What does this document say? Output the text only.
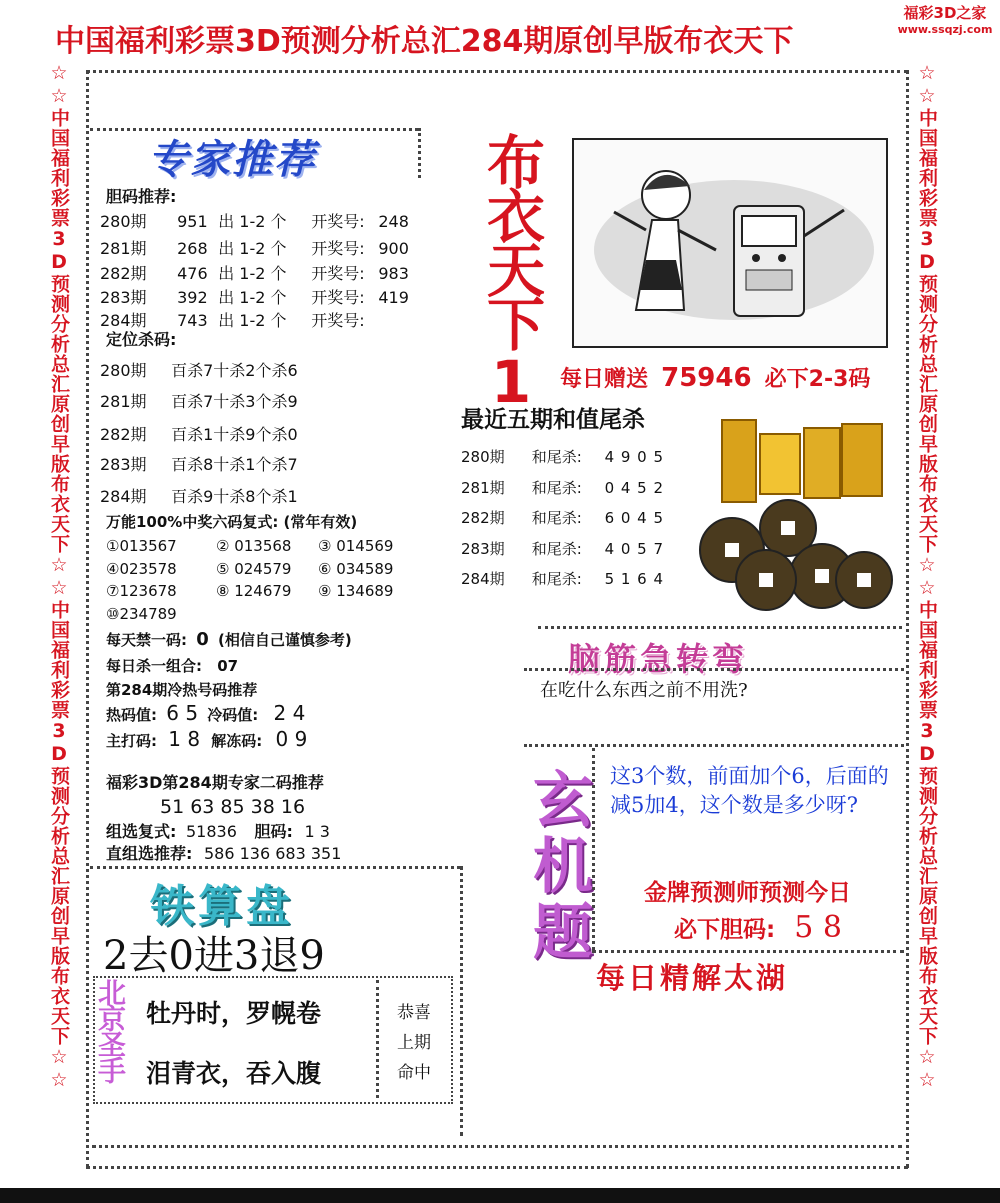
中国福利彩票3D预测分析总汇284期原创早版布衣天下
福彩3D之家
www.ssqzj.com
☆☆中国福利彩票3D预测分析总汇原创早版布衣天下☆☆中国福利彩票3D预测分析总汇原创早版布衣天下☆☆	☆☆中国福利彩票3D预测分析总汇原创早版布衣天下☆☆中国福利彩票3D预测分析总汇原创早版布衣天下☆☆
专家推荐
胆码推荐:
280期 951 出 1-2 个 开奖号: 248
281期 268 出 1-2 个 开奖号: 900
282期 476 出 1-2 个 开奖号: 983
283期 392 出 1-2 个 开奖号: 419
284期 743 出 1-2 个 开奖号:
定位杀码:
280期 百杀7十杀2个杀6
281期 百杀7十杀3个杀9
282期 百杀1十杀9个杀0
283期 百杀8十杀1个杀7
284期 百杀9十杀8个杀1
布衣天下1 每日赠送 75946 必下2-3码
最近五期和值尾杀
280期 和尾杀: 4 9 0 5
281期 和尾杀: 0 4 5 2
282期 和尾杀: 6 0 4 5
283期 和尾杀: 4 0 5 7
284期 和尾杀: 5 1 6 4
万能100%中奖六码复式: (常年有效)
①013567	② 013568 ③ 014569
④023578	⑤ 024579 ⑥ 034589
⑦123678	⑧ 124679 ⑨ 134689
⑩234789
每天禁一码: 0 (相信自己谨慎参考)
每日杀一组合: 07
第284期冷热号码推荐
热码值: 6 5 冷码值: 2 4
主打码: 1 8 解冻码: 0 9
福彩3D第284期专家二码推荐
51 63 85 38 16
组选复式: 51836 胆码: 1 3
直组选推荐: 586 136 683 351
铁算盘
2去0进3退9
北京圣手 牡丹时，罗幌卷
泪青衣，吞入腹
恭喜
上期
命中
脑筋急转弯
在吃什么东西之前不用洗?
玄机题 这3个数，前面加个6，后面的减5加4，这个数是多少呀?
金牌预测师预测今日
必下胆码: 5 8
每日精解太湖
